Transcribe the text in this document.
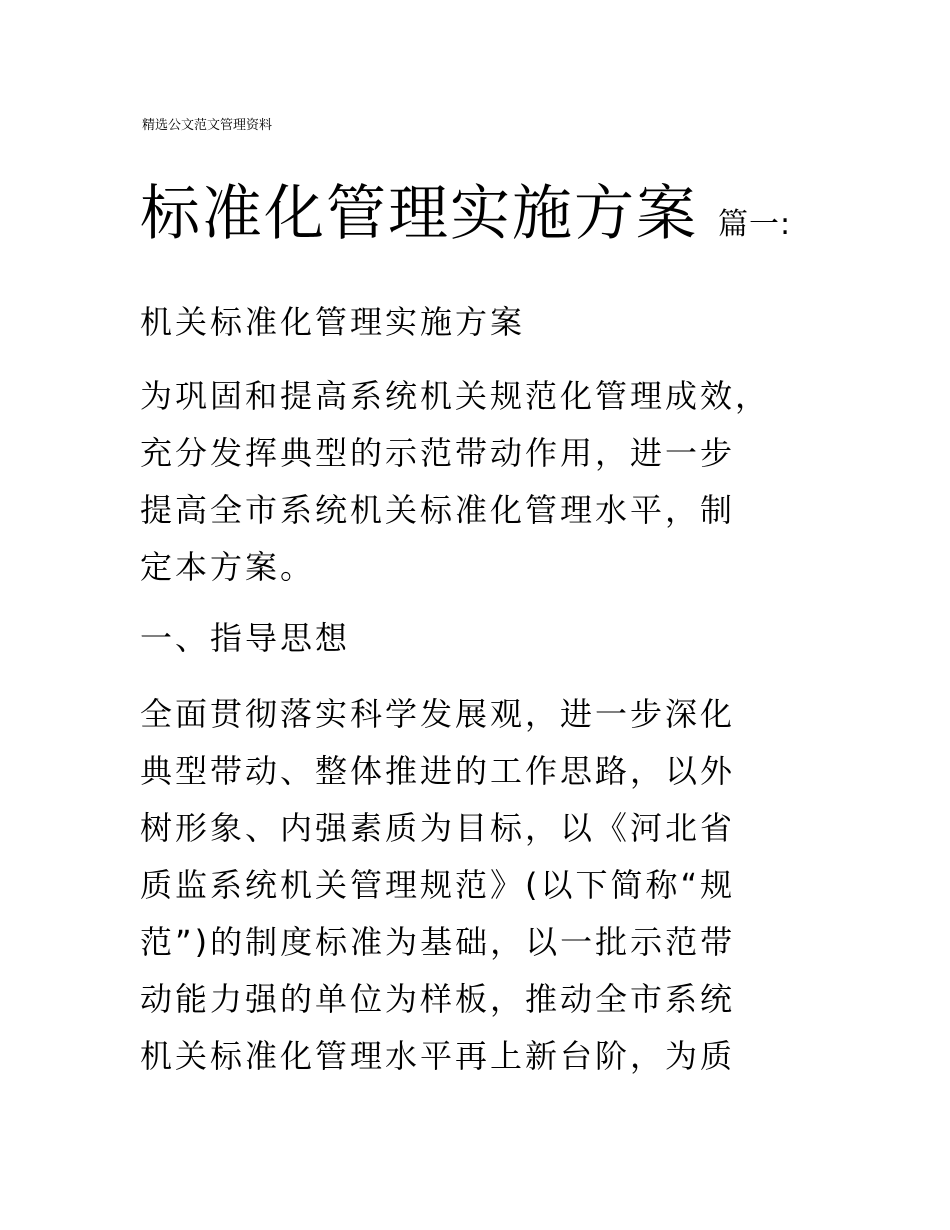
精选公文范文管理资料
标准化管理实施方案 篇一:
机关标准化管理实施方案
为巩固和提高系统机关规范化管理成效，
充分发挥典型的示范带动作用，进一步
提高全市系统机关标准化管理水平，制
定本方案。
一、指导思想
全面贯彻落实科学发展观，进一步深化
典型带动、整体推进的工作思路，以外
树形象、内强素质为目标，以《河北省
质监系统机关管理规范》(以下简称“规
范”)的制度标准为基础，以一批示范带
动能力强的单位为样板，推动全市系统
机关标准化管理水平再上新台阶，为质
